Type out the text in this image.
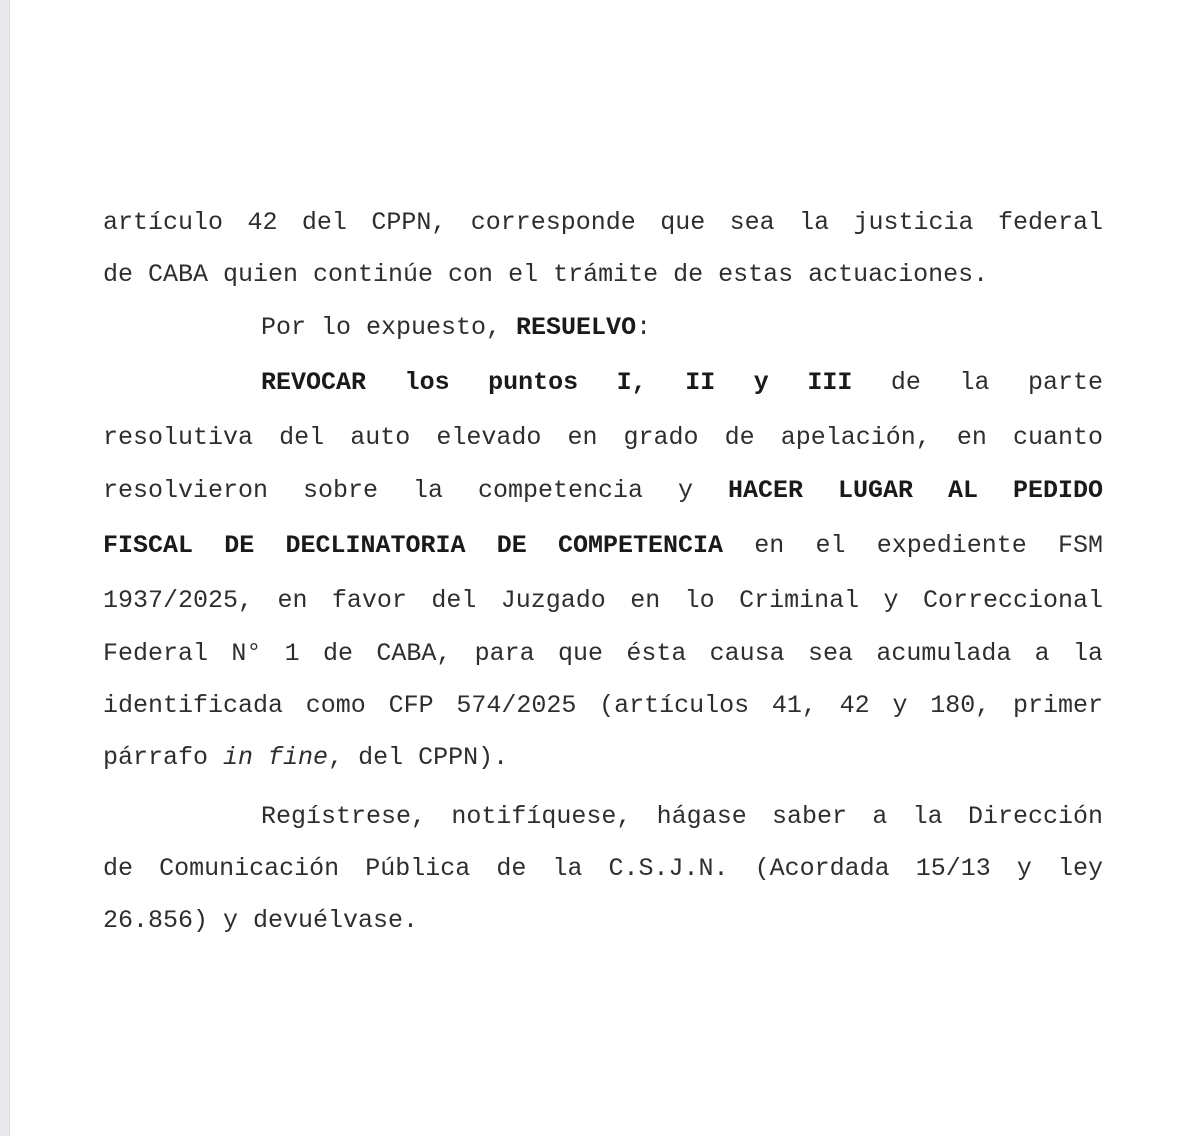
artículo 42 del CPPN, corresponde que sea la justicia federal
de CABA quien continúe con el trámite de estas actuaciones.
Por lo expuesto, RESUELVO:
REVOCAR los puntos I, II y III de la parte
resolutiva del auto elevado en grado de apelación, en cuanto
resolvieron sobre la competencia y HACER LUGAR AL PEDIDO
FISCAL DE DECLINATORIA DE COMPETENCIA en el expediente FSM
1937/2025, en favor del Juzgado en lo Criminal y Correccional
Federal N° 1 de CABA, para que ésta causa sea acumulada a la
identificada como CFP 574/2025 (artículos 41, 42 y 180, primer
párrafo in fine, del CPPN).
Regístrese, notifíquese, hágase saber a la Dirección
de Comunicación Pública de la C.S.J.N. (Acordada 15/13 y ley
26.856) y devuélvase.
